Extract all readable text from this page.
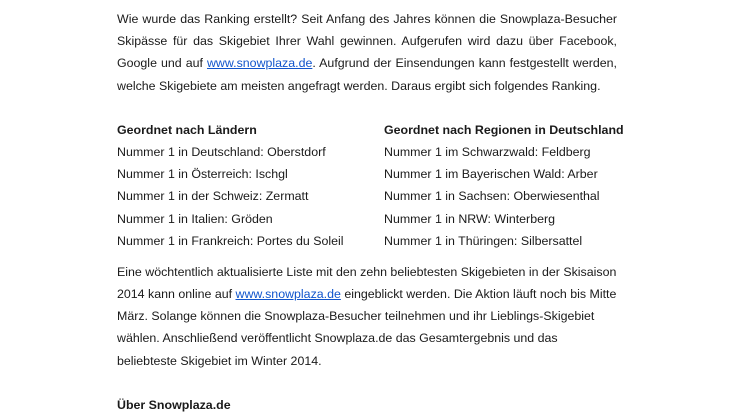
Wie wurde das Ranking erstellt? Seit Anfang des Jahres können die Snowplaza-Besucher Skipässe für das Skigebiet Ihrer Wahl gewinnen. Aufgerufen wird dazu über Facebook, Google und auf www.snowplaza.de. Aufgrund der Einsendungen kann festgestellt werden, welche Skigebiete am meisten angefragt werden. Daraus ergibt sich folgendes Ranking.

Geordnet nach Ländern
Nummer 1 in Deutschland: Oberstdorf
Nummer 1 in Österreich: Ischgl
Nummer 1 in der Schweiz: Zermatt
Nummer 1 in Italien: Gröden
Nummer 1 in Frankreich: Portes du Soleil
Geordnet nach Regionen in Deutschland
Nummer 1 im Schwarzwald: Feldberg
Nummer 1 im Bayerischen Wald: Arber
Nummer 1 in Sachsen: Oberwiesenthal
Nummer 1 in NRW: Winterberg
Nummer 1 in Thüringen: Silbersattel

Eine wöchtentlich aktualisierte Liste mit den zehn beliebtesten Skigebieten in der Skisaison 2014 kann online auf www.snowplaza.de eingeblickt werden. Die Aktion läuft noch bis Mitte März. Solange können die Snowplaza-Besucher teilnehmen und ihr Lieblings-Skigebiet wählen. Anschließend veröffentlicht Snowplaza.de das Gesamtergebnis und das beliebteste Skigebiet im Winter 2014.

Über Snowplaza.de
